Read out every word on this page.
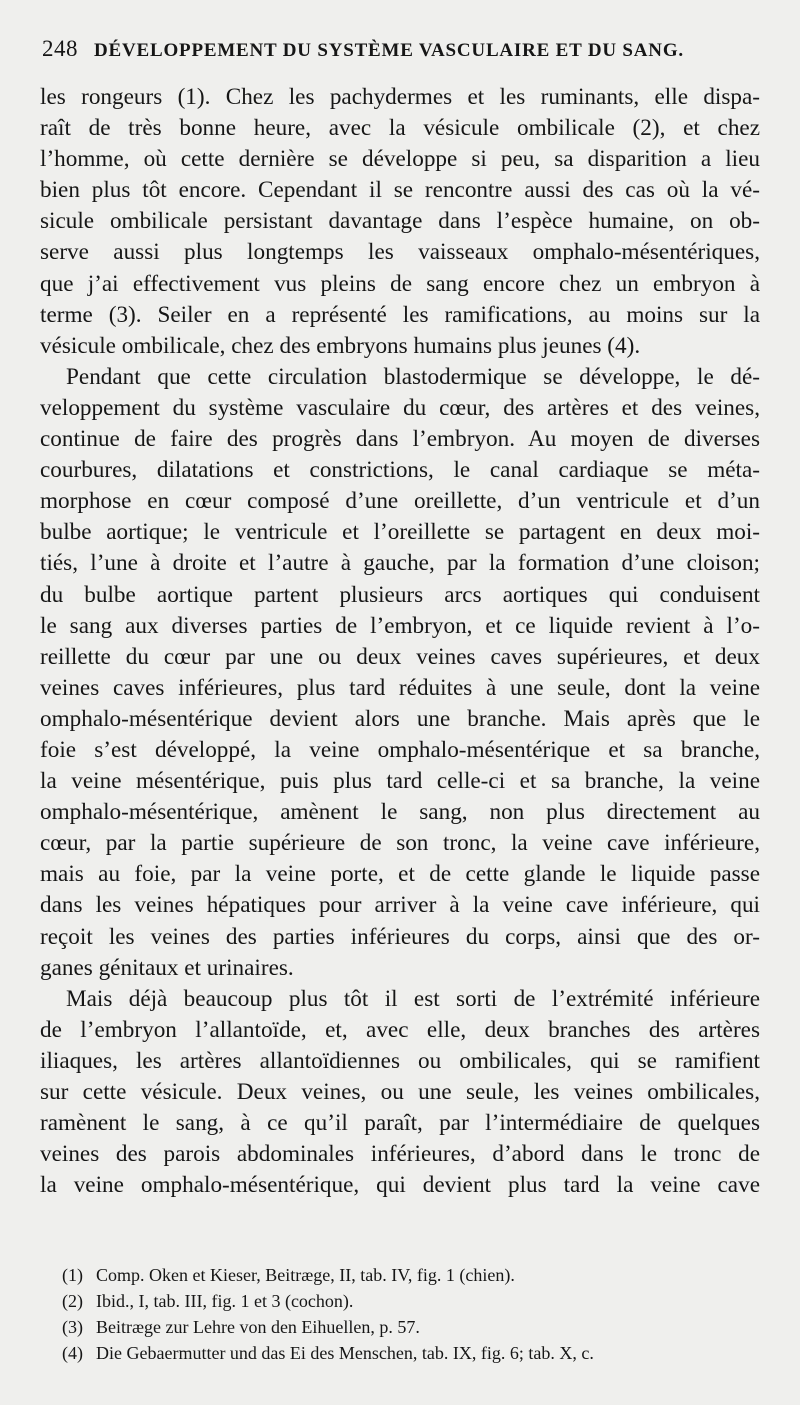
248 DÉVELOPPEMENT DU SYSTÈME VASCULAIRE ET DU SANG.
les rongeurs (1). Chez les pachydermes et les ruminants, elle dispa-
raît de très bonne heure, avec la vésicule ombilicale (2), et chez
l’homme, où cette dernière se développe si peu, sa disparition a lieu
bien plus tôt encore. Cependant il se rencontre aussi des cas où la vé-
sicule ombilicale persistant davantage dans l’espèce humaine, on ob-
serve aussi plus longtemps les vaisseaux omphalo-mésentériques,
que j’ai effectivement vus pleins de sang encore chez un embryon à
terme (3). Seiler en a représenté les ramifications, au moins sur la
vésicule ombilicale, chez des embryons humains plus jeunes (4).
Pendant que cette circulation blastodermique se développe, le dé-
veloppement du système vasculaire du cœur, des artères et des veines,
continue de faire des progrès dans l’embryon. Au moyen de diverses
courbures, dilatations et constrictions, le canal cardiaque se méta-
morphose en cœur composé d’une oreillette, d’un ventricule et d’un
bulbe aortique; le ventricule et l’oreillette se partagent en deux moi-
tiés, l’une à droite et l’autre à gauche, par la formation d’une cloison;
du bulbe aortique partent plusieurs arcs aortiques qui conduisent
le sang aux diverses parties de l’embryon, et ce liquide revient à l’o-
reillette du cœur par une ou deux veines caves supérieures, et deux
veines caves inférieures, plus tard réduites à une seule, dont la veine
omphalo-mésentérique devient alors une branche. Mais après que le
foie s’est développé, la veine omphalo-mésentérique et sa branche,
la veine mésentérique, puis plus tard celle-ci et sa branche, la veine
omphalo-mésentérique, amènent le sang, non plus directement au
cœur, par la partie supérieure de son tronc, la veine cave inférieure,
mais au foie, par la veine porte, et de cette glande le liquide passe
dans les veines hépatiques pour arriver à la veine cave inférieure, qui
reçoit les veines des parties inférieures du corps, ainsi que des or-
ganes génitaux et urinaires.
Mais déjà beaucoup plus tôt il est sorti de l’extrémité inférieure
de l’embryon l’allantoïde, et, avec elle, deux branches des artères
iliaques, les artères allantoïdiennes ou ombilicales, qui se ramifient
sur cette vésicule. Deux veines, ou une seule, les veines ombilicales,
ramènent le sang, à ce qu’il paraît, par l’intermédiaire de quelques
veines des parois abdominales inférieures, d’abord dans le tronc de
la veine omphalo-mésentérique, qui devient plus tard la veine cave
(1) Comp. Oken et Kieser, Beitræge, II, tab. IV, fig. 1 (chien).
(2) Ibid., I, tab. III, fig. 1 et 3 (cochon).
(3) Beitræge zur Lehre von den Eihuellen, p. 57.
(4) Die Gebaermutter und das Ei des Menschen, tab. IX, fig. 6; tab. X, c.
